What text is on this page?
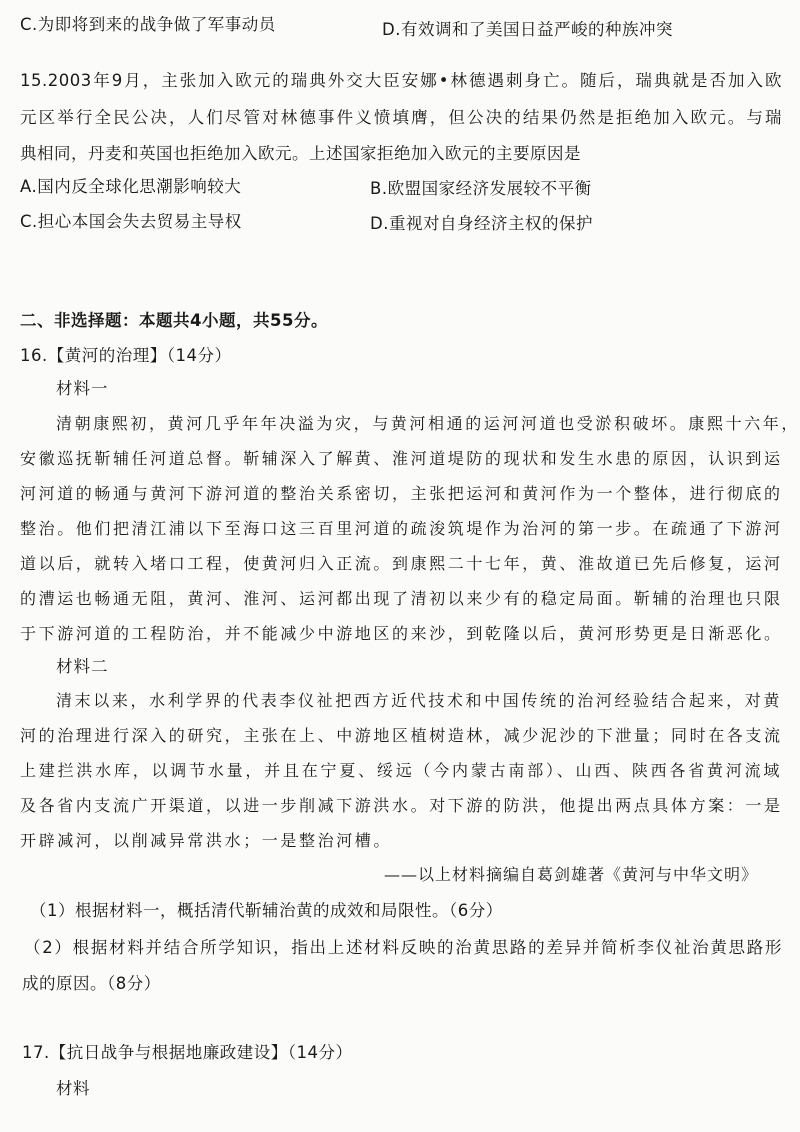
C.为即将到来的战争做了军事动员	D.有效调和了美国日益严峻的种族冲突
15.2003年9月，主张加入欧元的瑞典外交大臣安娜•林德遇刺身亡。随后，瑞典就是否加入欧
元区举行全民公决，人们尽管对林德事件义愤填膺，但公决的结果仍然是拒绝加入欧元。与瑞
典相同，丹麦和英国也拒绝加入欧元。上述国家拒绝加入欧元的主要原因是
A.国内反全球化思潮影响较大	B.欧盟国家经济发展较不平衡
C.担心本国会失去贸易主导权	D.重视对自身经济主权的保护
二、非选择题：本题共4小题，共55分。
16.【黄河的治理】（14分）
材料一
清朝康熙初，黄河几乎年年决溢为灾，与黄河相通的运河河道也受淤积破坏。康熙十六年，
安徽巡抚靳辅任河道总督。靳辅深入了解黄、淮河道堤防的现状和发生水患的原因，认识到运
河河道的畅通与黄河下游河道的整治关系密切，主张把运河和黄河作为一个整体，进行彻底的
整治。他们把清江浦以下至海口这三百里河道的疏浚筑堤作为治河的第一步。在疏通了下游河
道以后，就转入堵口工程，使黄河归入正流。到康熙二十七年，黄、淮故道已先后修复，运河
的漕运也畅通无阻，黄河、淮河、运河都出现了清初以来少有的稳定局面。靳辅的治理也只限
于下游河道的工程防治，并不能减少中游地区的来沙，到乾隆以后，黄河形势更是日渐恶化。
材料二
清末以来，水利学界的代表李仪祉把西方近代技术和中国传统的治河经验结合起来，对黄
河的治理进行深入的研究，主张在上、中游地区植树造林，减少泥沙的下泄量；同时在各支流
上建拦洪水库，以调节水量，并且在宁夏、绥远（今内蒙古南部）、山西、陕西各省黄河流域
及各省内支流广开渠道，以进一步削减下游洪水。对下游的防洪，他提出两点具体方案：一是
开辟减河，以削减异常洪水；一是整治河槽。
——以上材料摘编自葛剑雄著《黄河与中华文明》
（1）根据材料一，概括清代靳辅治黄的成效和局限性。（6分）
（2）根据材料并结合所学知识，指出上述材料反映的治黄思路的差异并简析李仪祉治黄思路形
成的原因。（8分）
17.【抗日战争与根据地廉政建设】（14分）
材料
